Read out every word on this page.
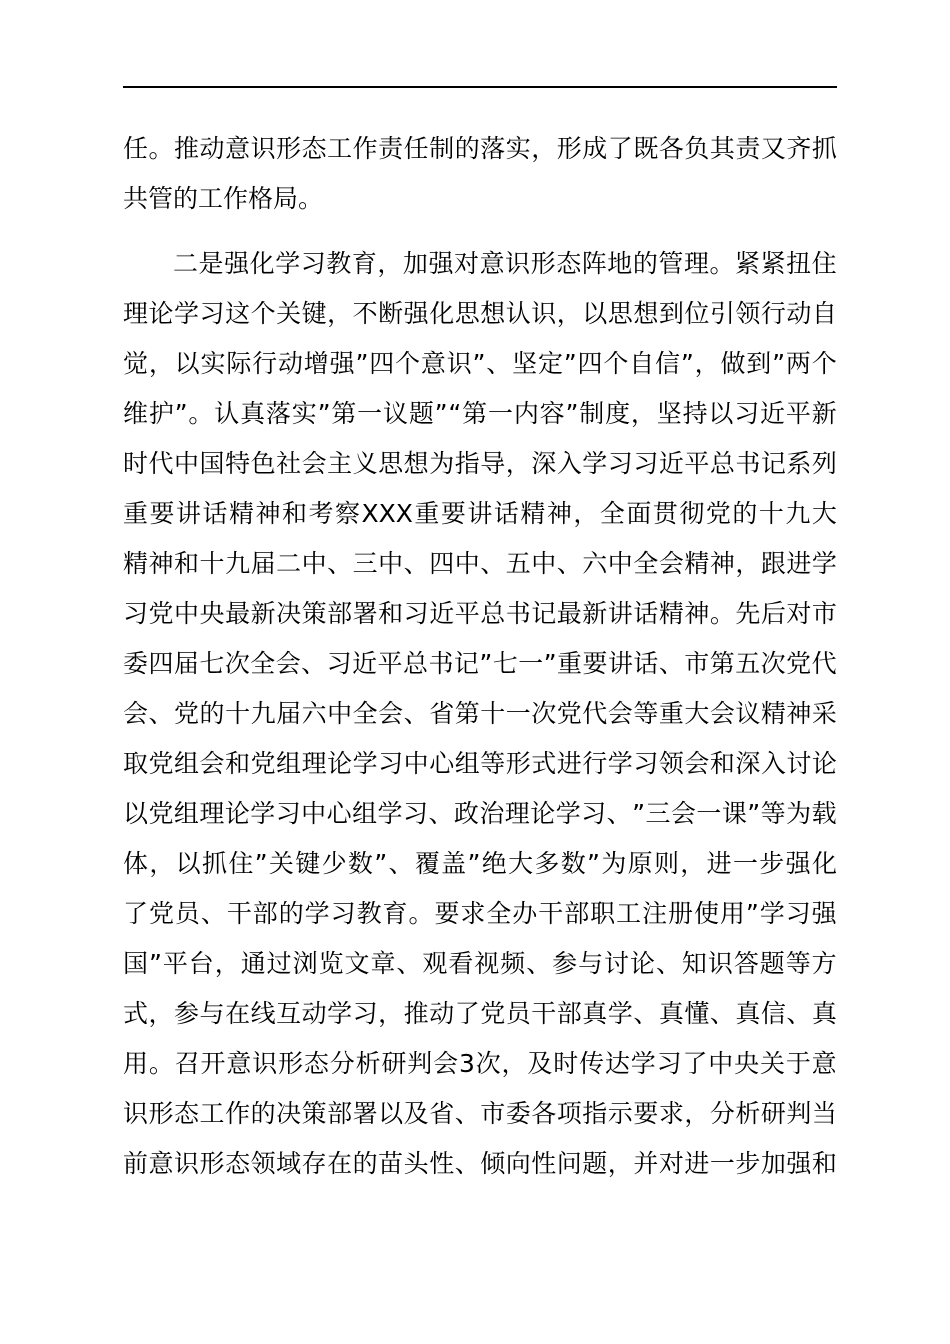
任 。 推 动 意 识 形 态 工 作 责 任 制 的 落 实 ， 形 成 了 既 各 负 其 责 又 齐 抓
共管的工作格局。
二 是 强 化 学 习 教 育 ， 加 强 对 意 识 形 态 阵 地 的 管 理 。 紧 紧 扭 住
理 论 学 习 这 个 关 键 ， 不 断 强 化 思 想 认 识 ， 以 思 想 到 位 引 领 行 动 自
觉 ， 以 实 际 行 动 增 强 ” 四 个 意 识 ” 、 坚 定 ” 四 个 自 信 ” ， 做 到 ” 两 个
维 护 ” 。 认 真 落 实 ” 第 一 议 题 ” “ 第 一 内 容 ” 制 度 ， 坚 持 以 习 近 平 新
时 代 中 国 特 色 社 会 主 义 思 想 为 指 导 ， 深 入 学 习 习 近 平 总 书 记 系 列
重 要 讲 话 精 神 和 考 察 XXX 重 要 讲 话 精 神 ， 全 面 贯 彻 党 的 十 九 大
精 神 和 十 九 届 二 中 、 三 中 、 四 中 、 五 中 、 六 中 全 会 精 神 ， 跟 进 学
习 党 中 央 最 新 决 策 部 署 和 习 近 平 总 书 记 最 新 讲 话 精 神 。 先 后 对 市
委 四 届 七 次 全 会 、 习 近 平 总 书 记 ” 七 一 ” 重 要 讲 话 、 市 第 五 次 党 代
会 、 党 的 十 九 届 六 中 全 会 、 省 第 十 一 次 党 代 会 等 重 大 会 议 精 神 采
取 党 组 会 和 党 组 理 论 学 习 中 心 组 等 形 式 进 行 学 习 领 会 和 深 入 讨 论
以 党 组 理 论 学 习 中 心 组 学 习 、 政 治 理 论 学 习 、 ” 三 会 一 课 ” 等 为 载
体 ， 以 抓 住 ” 关 键 少 数 ” 、 覆 盖 ” 绝 大 多 数 ” 为 原 则 ， 进 一 步 强 化
了 党 员 、 干 部 的 学 习 教 育 。 要 求 全 办 干 部 职 工 注 册 使 用 ” 学 习 强
国 ” 平 台 ， 通 过 浏 览 文 章 、 观 看 视 频 、 参 与 讨 论 、 知 识 答 题 等 方
式 ， 参 与 在 线 互 动 学 习 ， 推 动 了 党 员 干 部 真 学 、 真 懂 、 真 信 、 真
用 。 召 开 意 识 形 态 分 析 研 判 会 3 次 ， 及 时 传 达 学 习 了 中 央 关 于 意
识 形 态 工 作 的 决 策 部 署 以 及 省 、 市 委 各 项 指 示 要 求 ， 分 析 研 判 当
前 意 识 形 态 领 域 存 在 的 苗 头 性 、 倾 向 性 问 题 ， 并 对 进 一 步 加 强 和
